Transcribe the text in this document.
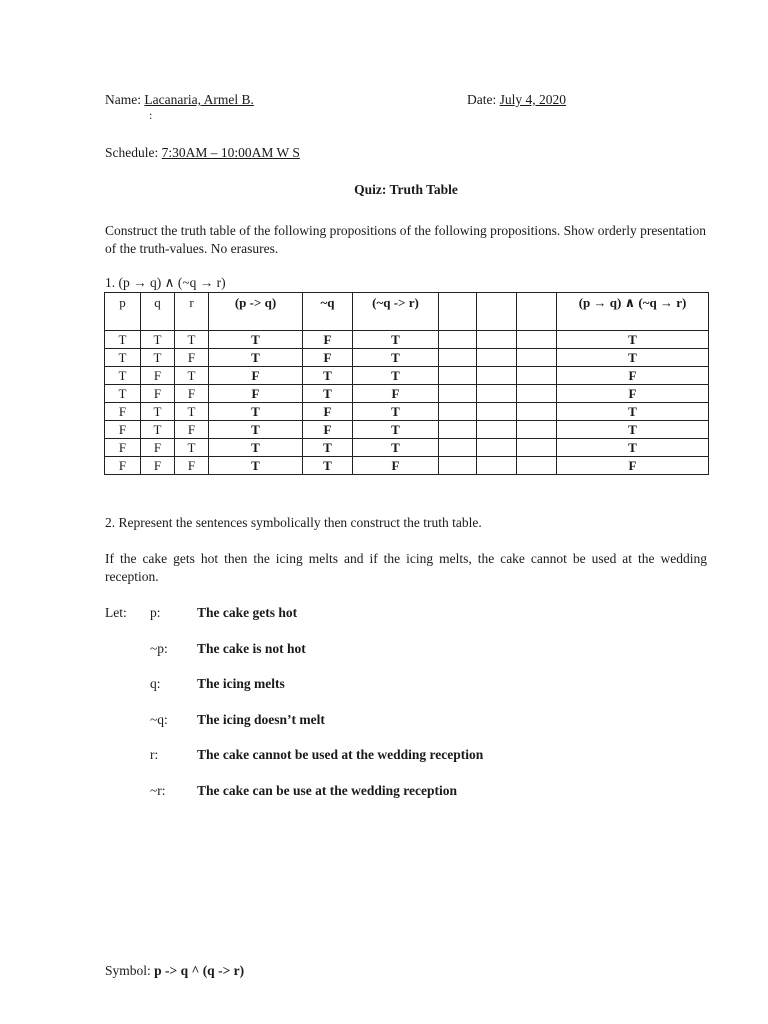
Name: Lacanaria, Armel B.
:
Date: July 4, 2020
Schedule: 7:30AM – 10:00AM W S
Quiz: Truth Table
Construct the truth table of the following propositions of the following propositions. Show orderly presentation of the truth-values. No erasures.
1. (p → q) ∧ (~q → r)
p	q	r	(p -> q)	~q	(~q -> r)				(p → q) ∧ (~q → r)
T	T	T	T	F	T				T
T	T	F	T	F	T				T
T	F	T	F	T	T				F
T	F	F	F	T	F				F
F	T	T	T	F	T				T
F	T	F	T	F	T				T
F	F	T	T	T	T				T
F	F	F	T	T	F				F
2. Represent the sentences symbolically then construct the truth table.
If the cake gets hot then the icing melts and if the icing melts, the cake cannot be used at the wedding reception.
Let: p:	The cake gets hot
~p: The cake is not hot
q:	The icing melts
~q: The icing doesn’t melt
r:	The cake cannot be used at the wedding reception
~r: The cake can be use at the wedding reception
Symbol: p -> q ^ (q -> r)
